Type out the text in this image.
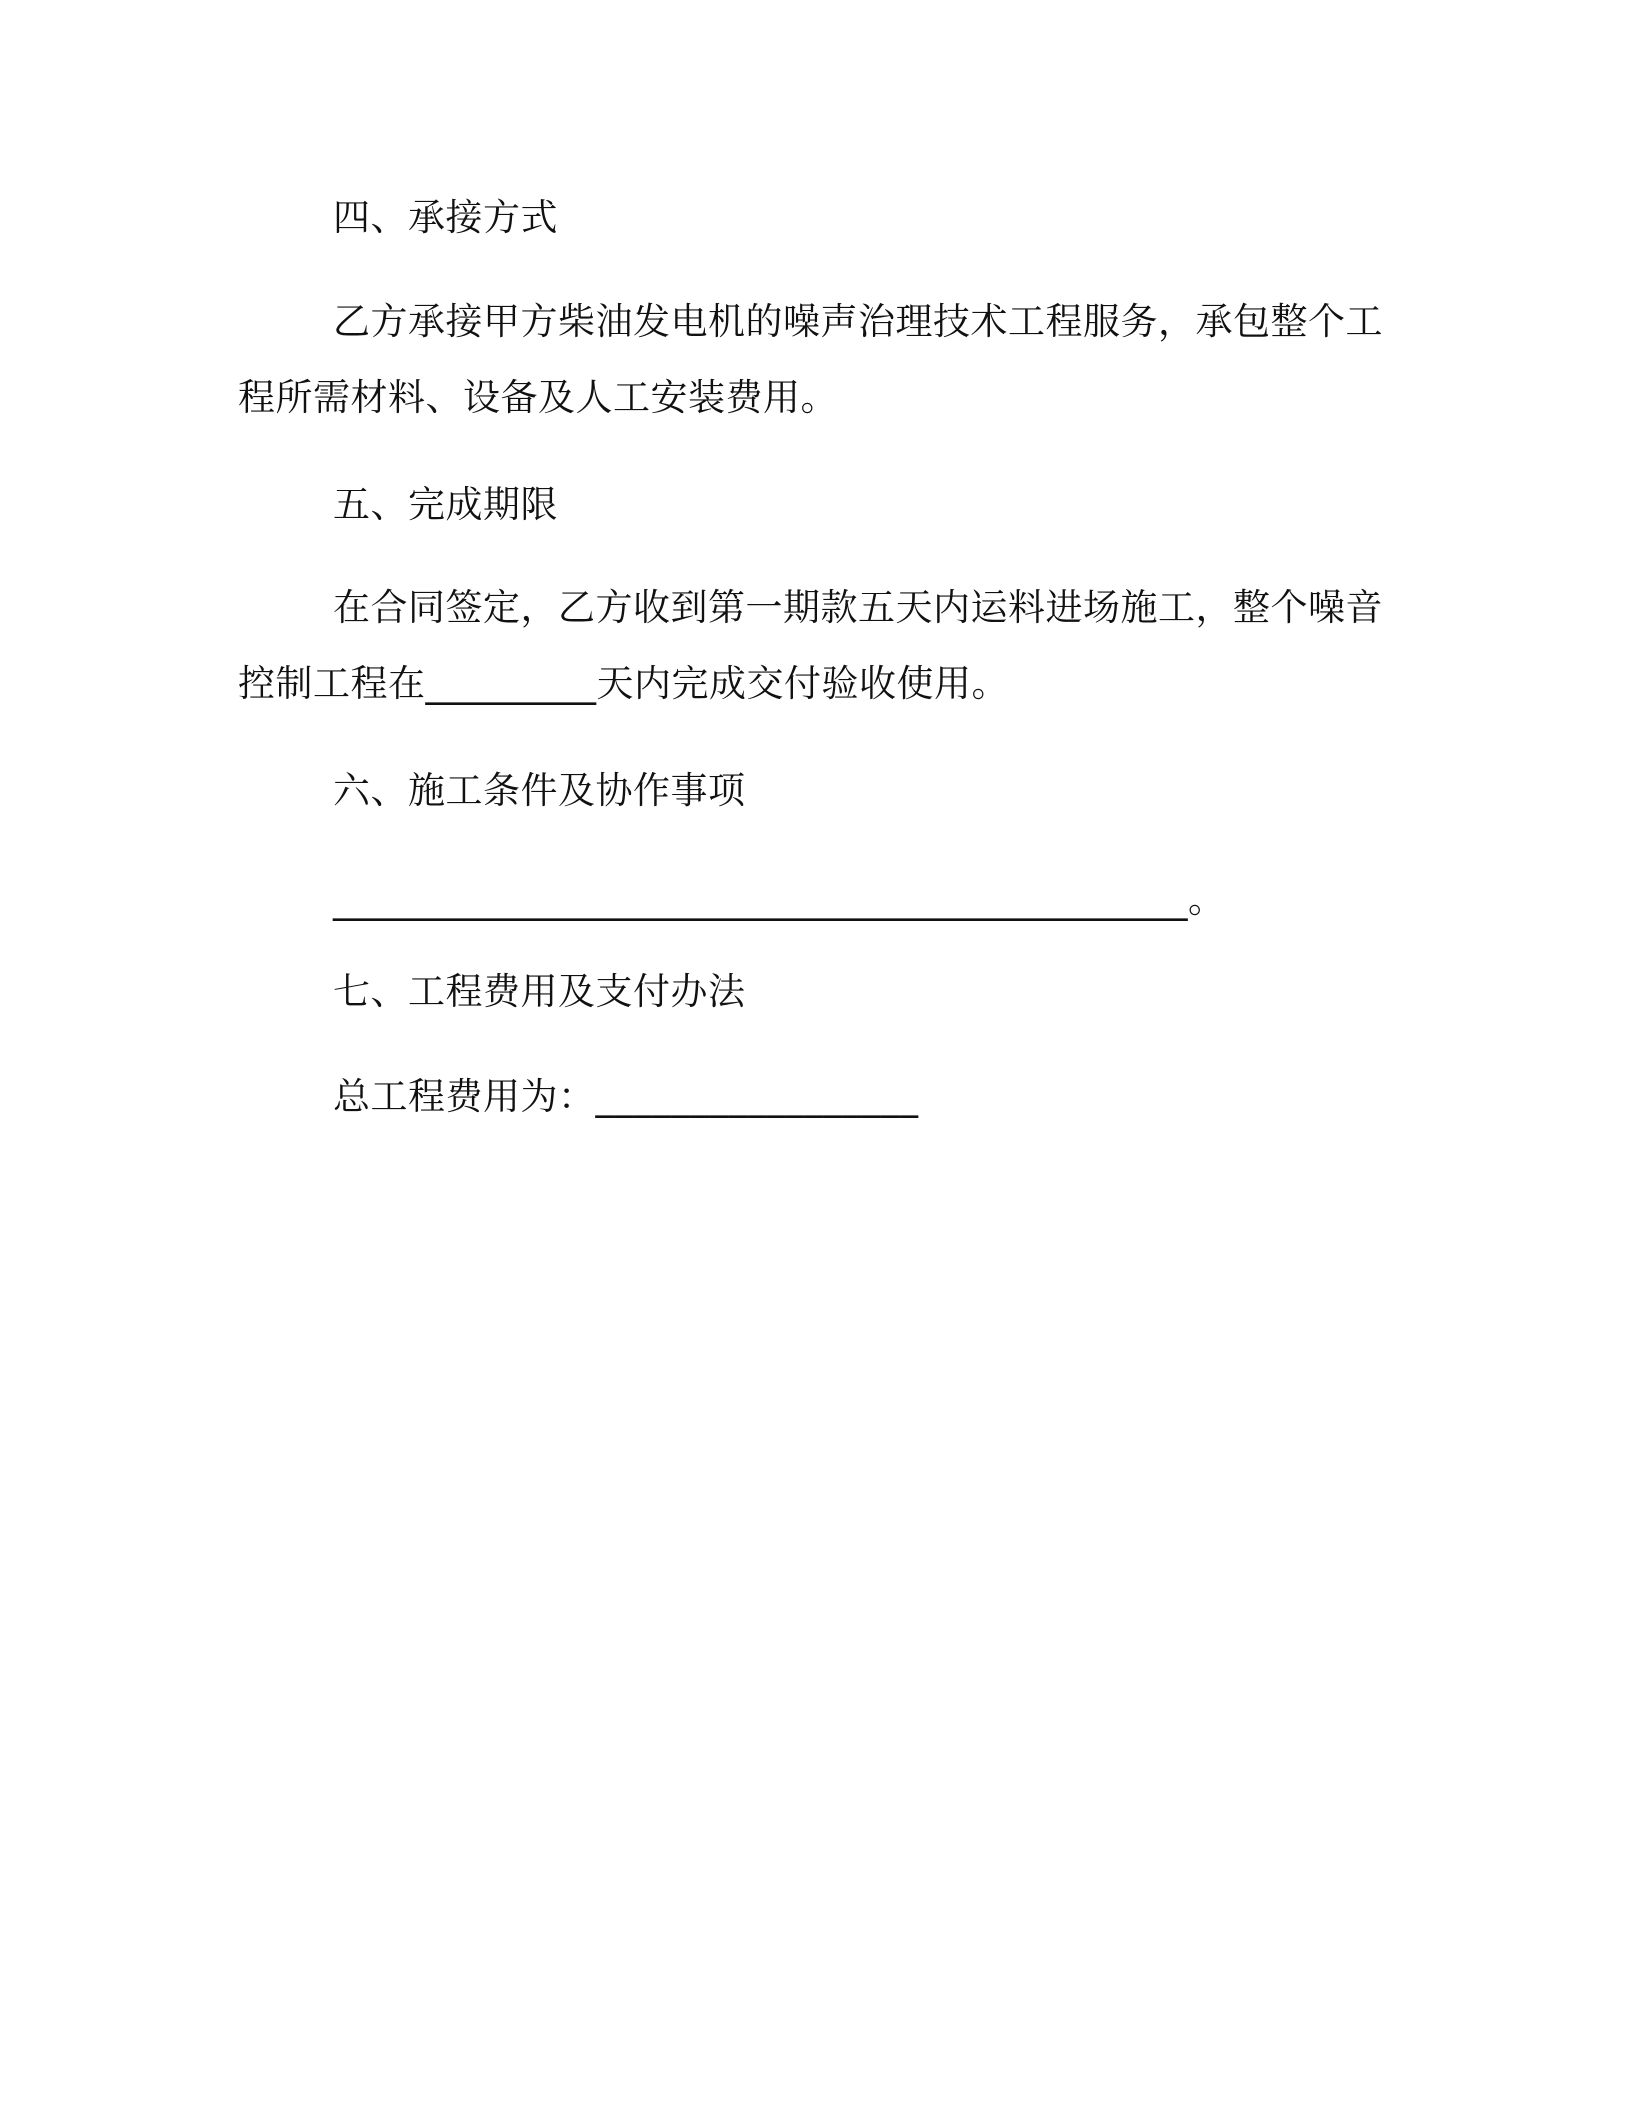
四、承接方式
乙方承接甲方柴油发电机的噪声治理技术工程服务，承包整个工
程所需材料、设备及人工安装费用。
五、完成期限
在合同签定，乙方收到第一期款五天内运料进场施工，整个噪音
控制工程在_________天内完成交付验收使用。
六、施工条件及协作事项
_____________________________________________。
七、工程费用及支付办法
总工程费用为：_________________
